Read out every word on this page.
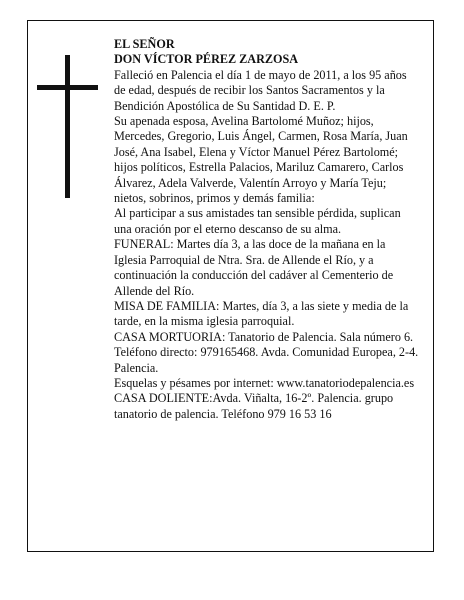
EL SEÑOR

DON VÍCTOR PÉREZ ZARZOSA

Falleció en Palencia el día 1 de mayo de 2011, a los 95 años de edad, después de recibir los Santos Sacramentos y la Bendición Apostólica de Su Santidad D. E. P.

Su apenada esposa, Avelina Bartolomé Muñoz; hijos, Mercedes, Gregorio, Luis Ángel, Carmen, Rosa María, Juan José, Ana Isabel, Elena y Víctor Manuel Pérez Bartolomé; hijos políticos, Estrella Palacios, Mariluz Camarero, Carlos Álvarez, Adela Valverde, Valentín Arroyo y María Teju; nietos, sobrinos, primos y demás familia:

Al participar a sus amistades tan sensible pérdida, suplican una oración por el eterno descanso de su alma.

FUNERAL: Martes día 3, a las doce de la mañana en la Iglesia Parroquial de Ntra. Sra. de Allende el Río, y a continuación la conducción del cadáver al Cementerio de Allende del Río.

MISA DE FAMILIA: Martes, día 3, a las siete y media de la tarde, en la misma iglesia parroquial.

CASA MORTUORIA: Tanatorio de Palencia. Sala número 6. Teléfono directo: 979165468. Avda. Comunidad Europea, 2-4. Palencia.

Esquelas y pésames por internet: www.tanatoriodepalencia.es

CASA DOLIENTE:Avda. Viñalta, 16-2º. Palencia. grupo tanatorio de palencia. Teléfono 979 16 53 16
